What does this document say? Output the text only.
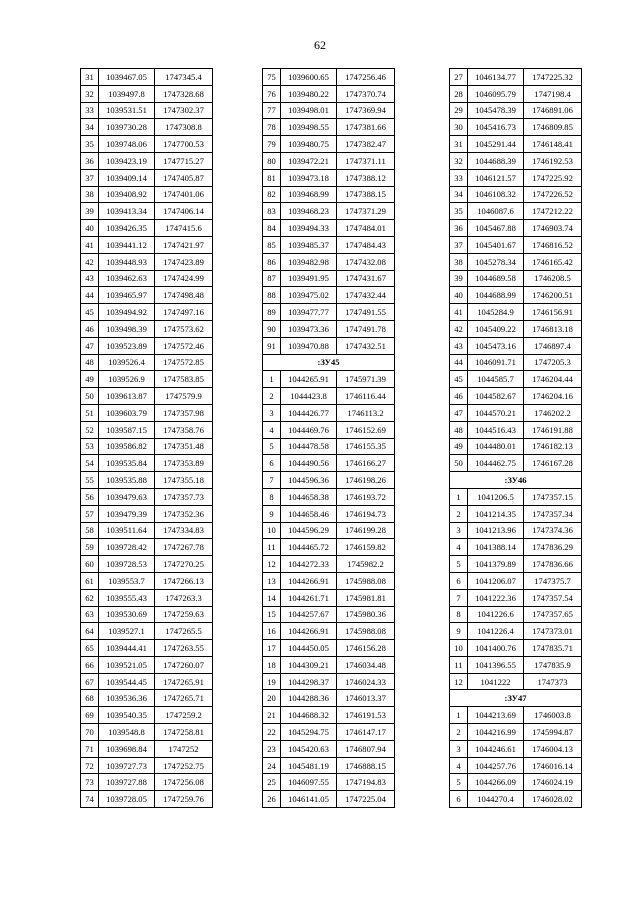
62
31	1039467.05	1747345.4
32	1039497.8	1747328.68
33	1039531.51	1747302.37
34	1039730.28	1747308.8
35	1039748.06	1747700.53
36	1039423.19	1747715.27
37	1039409.14	1747405.87
38	1039408.92	1747401.06
39	1039413.34	1747406.14
40	1039426.35	1747415.6
41	1039441.12	1747421.97
42	1039448.93	1747423.89
43	1039462.63	1747424.99
44	1039465.97	1747498.48
45	1039494.92	1747497.16
46	1039498.39	1747573.62
47	1039523.89	1747572.46
48	1039526.4	1747572.85
49	1039526.9	1747583.85
50	1039613.87	1747579.9
51	1039603.79	1747357.98
52	1039587.15	1747358.76
53	1039586.82	1747351.48
54	1039535.84	1747353.89
55	1039535.88	1747355.18
56	1039479.63	1747357.73
57	1039479.39	1747352.36
58	1039511.64	1747334.83
59	1039728.42	1747267.78
60	1039728.53	1747270.25
61	1039553.7	1747266.13
62	1039555.43	1747263.3
63	1039530.69	1747259.63
64	1039527.1	1747265.5
65	1039444.41	1747263.55
66	1039521.05	1747260.07
67	1039544.45	1747265.91
68	1039536.36	1747265.71
69	1039540.35	1747259.2
70	1039548.8	1747258.81
71	1039698.84	1747252
72	1039727.73	1747252.75
73	1039727.88	1747256.08
74	1039728.05	1747259.76
75	1039600.65	1747256.46
76	1039480.22	1747370.74
77	1039498.01	1747369.94
78	1039498.55	1747381.66
79	1039480.75	1747382.47
80	1039472.21	1747371.11
81	1039473.18	1747388.12
82	1039468.99	1747388.15
83	1039468.23	1747371.29
84	1039494.33	1747484.01
85	1039485.37	1747484.43
86	1039482.98	1747432.08
87	1039491.95	1747431.67
88	1039475.02	1747432.44
89	1039477.77	1747491.55
90	1039473.36	1747491.78
91	1039470.88	1747432.51
:ЗУ45		
1	1044265.91	1745971.39
2	1044423.8	1746116.44
3	1044426.77	1746113.2
4	1044469.76	1746152.69
5	1044478.58	1746155.35
6	1044490.56	1746166.27
7	1044596.36	1746198.26
8	1044658.38	1746193.72
9	1044658.46	1746194.73
10	1044596.29	1746199.28
11	1044465.72	1746159.82
12	1044272.33	1745982.2
13	1044266.91	1745988.08
14	1044261.71	1745981.81
15	1044257.67	1745980.36
16	1044266.91	1745988.08
17	1044450.05	1746156.28
18	1044309.21	1746034.48
19	1044298.37	1746024.33
20	1044288.36	1746013.37
21	1044688.32	1746191.53
22	1045294.75	1746147.17
23	1045420.63	1746807.94
24	1045481.19	1746888.15
25	1046097.55	1747194.83
26	1046141.05	1747225.04
27	1046134.77	1747225.32
28	1046095.79	1747198.4
29	1045478.39	1746891.06
30	1045416.73	1746809.85
31	1045291.44	1746148.41
32	1044688.39	1746192.53
33	1046121.57	1747225.92
34	1046108.32	1747226.52
35	1046087.6	1747212.22
36	1045467.88	1746903.74
37	1045401.67	1746816.52
38	1045278.34	1746165.42
39	1044689.58	1746208.5
40	1044688.99	1746200.51
41	1045284.9	1746156.91
42	1045409.22	1746813.18
43	1045473.16	1746897.4
44	1046091.71	1747205.3
45	1044585.7	1746204.44
46	1044582.67	1746204.16
47	1044570.21	1746202.2
48	1044516.43	1746191.88
49	1044480.01	1746182.13
50	1044462.75	1746167.28
:ЗУ46		
1	1041206.5	1747357.15
2	1041214.35	1747357.34
3	1041213.96	1747374.36
4	1041388.14	1747836.29
5	1041379.89	1747836.66
6	1041206.07	1747375.7
7	1041222.36	1747357.54
8	1041226.6	1747357.65
9	1041226.4	1747373.01
10	1041400.76	1747835.71
11	1041396.55	1747835.9
12	1041222	1747373
:ЗУ47		
1	1044213.69	1746003.8
2	1044216.99	1745994.87
3	1044246.61	1746004.13
4	1044257.76	1746016.14
5	1044266.09	1746024.19
6	1044270.4	1746028.02
